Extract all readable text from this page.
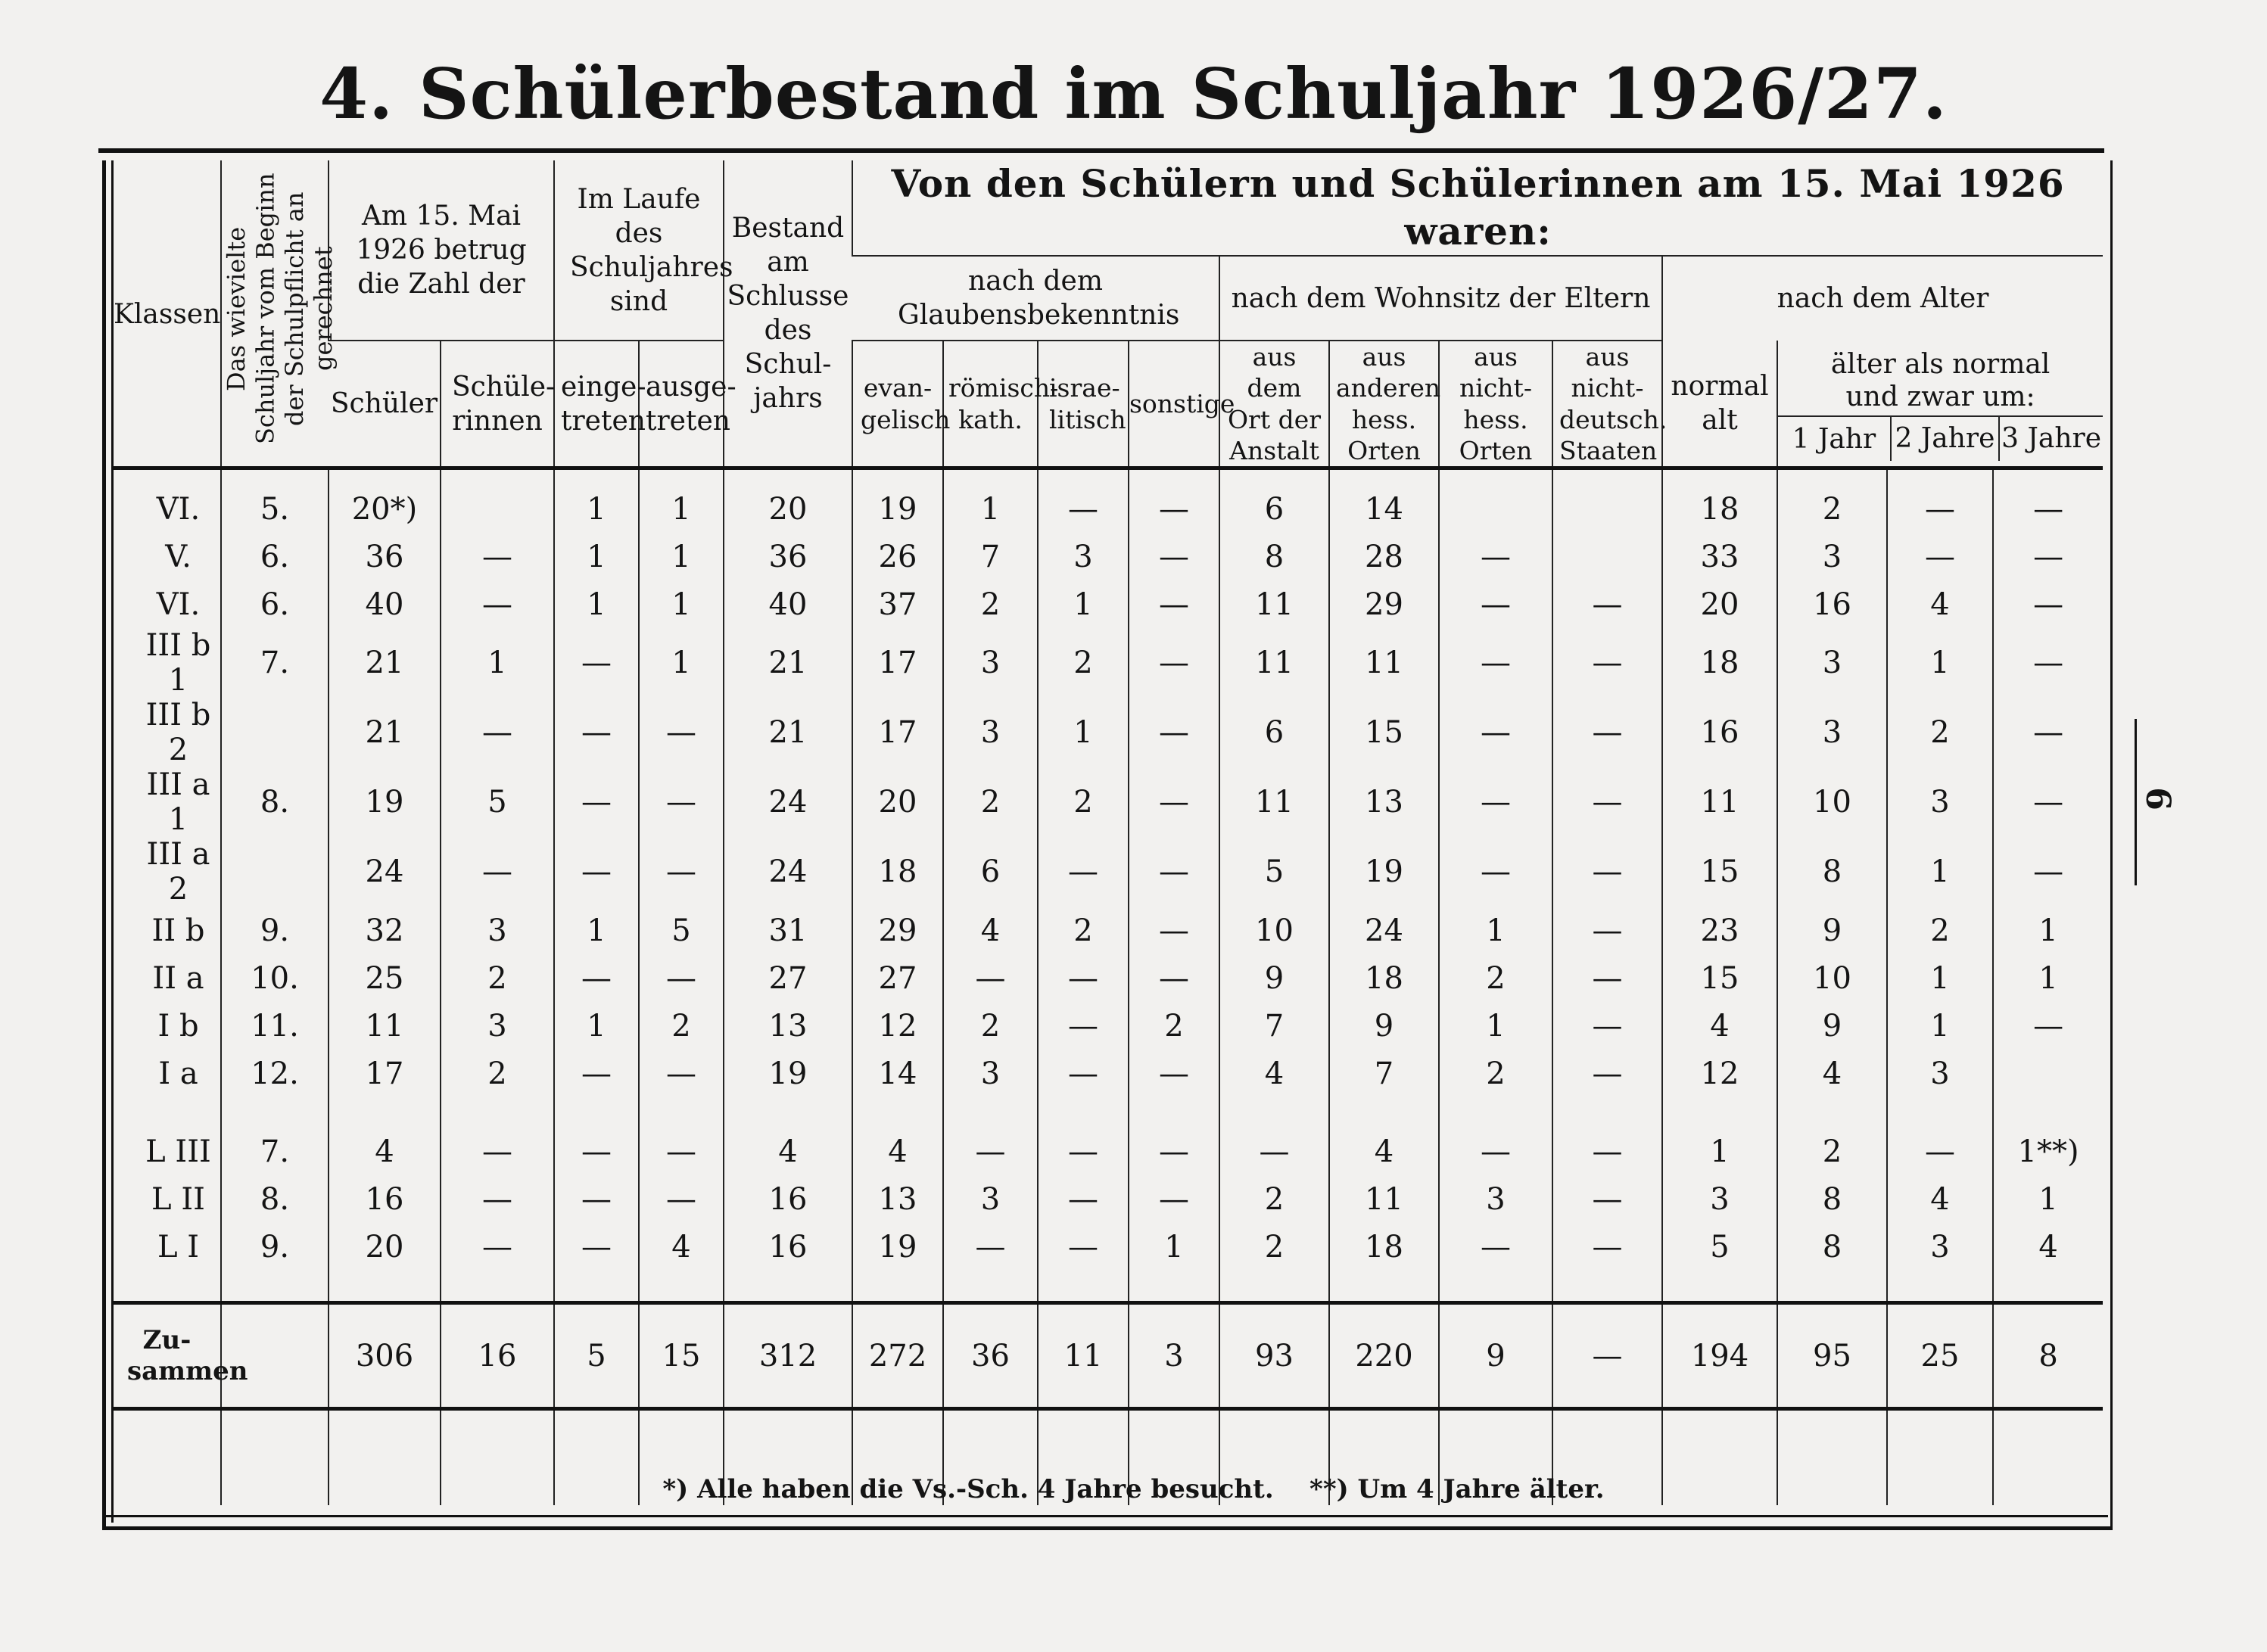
4. Schülerbestand im Schuljahr 1926/27.
Klassen	Das wievielte Schuljahr vom Beginn der Schulpflicht an gerechnet	Am 15. Mai 1926 betrug die Zahl der		Im Laufe des Schuljahres sind		Bestand am Schlusse des Schul-jahrs	Von den Schülern und Schülerinnen am 15. Mai 1926 waren:											

							nach dem Glaubensbekenntnis				nach dem Wohnsitz der Eltern				nach dem Alter			
		Schüler	Schüle-rinnen	einge-treten	ausge-treten		evan-gelisch	römisch-kath.	israe-litisch	sonstige	aus dem Ort der Anstalt	aus anderen hess. Orten	aus nicht-hess. Orten	aus nicht-deutsch. Staaten	normal alt	älter als normal und zwar um:
1 Jahr 2 Jahre 3 Jahre		

VI.	5.	20*)		1	1	20	19	1	—	—	6	14			18	2	—	—
V.	6.	36	—	1	1	36	26	7	3	—	8	28	—		33	3	—	—
VI.	6.	40	—	1	1	40	37	2	1	—	11	29	—	—	20	16	4	—
III b 1	7.	21	1	—	1	21	17	3	2	—	11	11	—	—	18	3	1	—
III b 2		21	—	—	—	21	17	3	1	—	6	15	—	—	16	3	2	—
III a 1	8.	19	5	—	—	24	20	2	2	—	11	13	—	—	11	10	3	—
III a 2		24	—	—	—	24	18	6	—	—	5	19	—	—	15	8	1	—
II b	9.	32	3	1	5	31	29	4	2	—	10	24	1	—	23	9	2	1
II a	10.	25	2	—	—	27	27	—	—	—	9	18	2	—	15	10	1	1
I b	11.	11	3	1	2	13	12	2	—	2	7	9	1	—	4	9	1	—
I a	12.	17	2	—	—	19	14	3	—	—	4	7	2	—	12	4	3	

L III	7.	4	—	—	—	4	4	—	—	—	—	4	—	—	1	2	—	1**)
L II	8.	16	—	—	—	16	13	3	—	—	2	11	3	—	3	8	4	1
L I	9.	20	—	—	4	16	19	—	—	1	2	18	—	—	5	8	3	4

Zu-sammen		306	16	5	15	312	272	36	11	3	93	220	9	—	194	95	25	8

*) Alle haben die Vs.-Sch. 4 Jahre besucht.    **) Um 4 Jahre älter.
6
